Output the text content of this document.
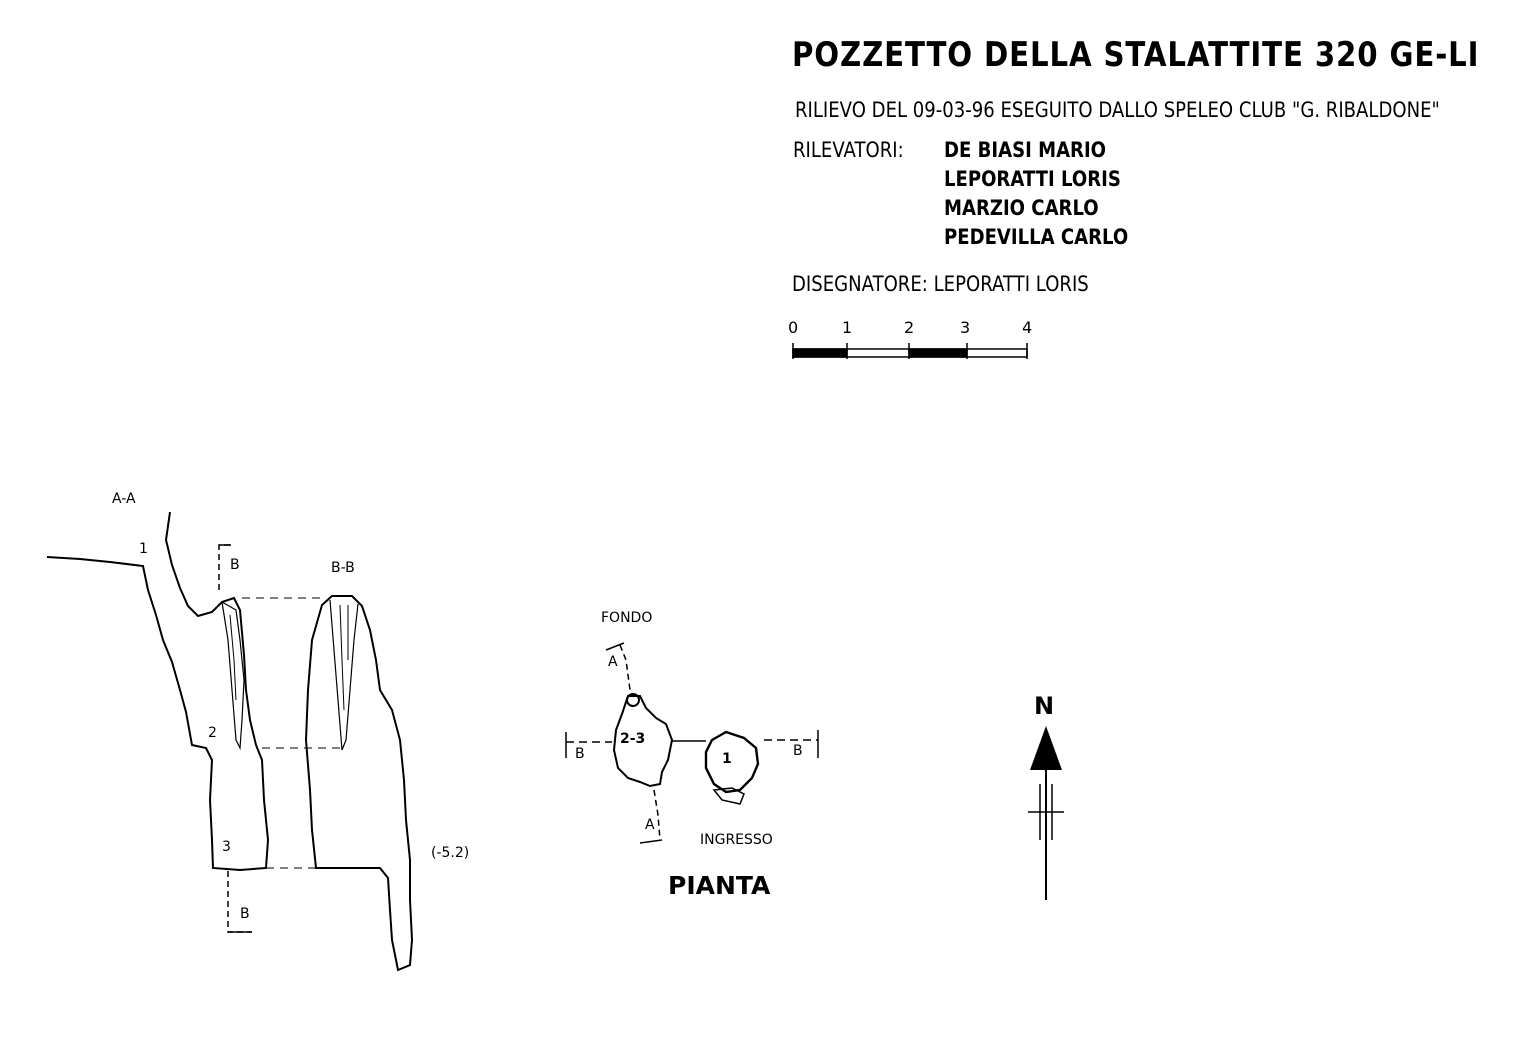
POZZETTO DELLA STALATTITE 320 GE-LI
RILIEVO DEL 09-03-96 ESEGUITO DALLO SPELEO CLUB "G. RIBALDONE"
RILEVATORI: DE BIASI MARIO
LEPORATTI LORIS
MARZIO CARLO
PEDEVILLA CARLO
DISEGNATORE: LEPORATTI LORIS
0	1	2	3	4
A-A
B-B
B
B
1
2
3	(-5.2)
FONDO
INGRESSO
A
A
B	B
2-3
1
PIANTA
N
